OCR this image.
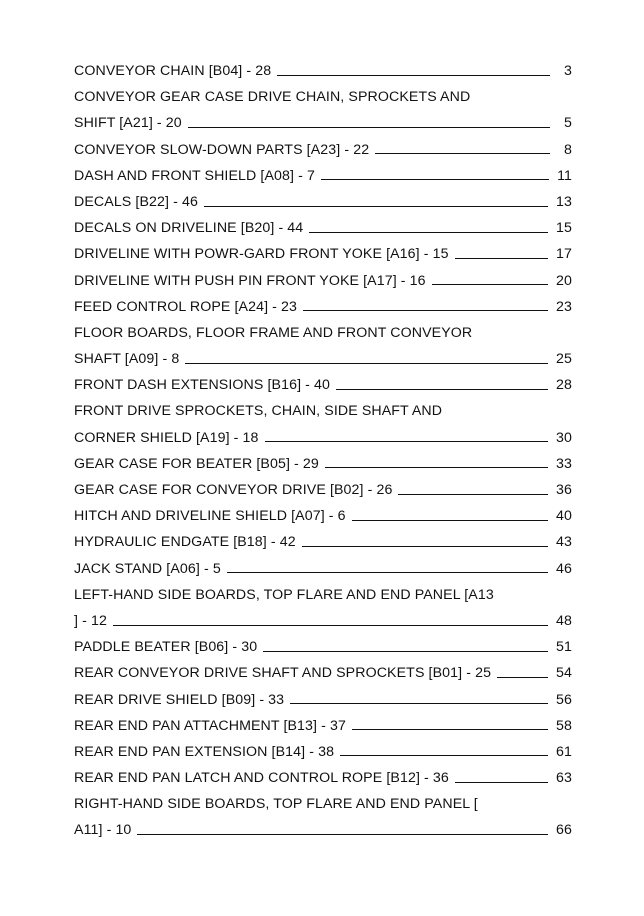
CONVEYOR CHAIN [B04] - 28	3
CONVEYOR GEAR CASE DRIVE CHAIN, SPROCKETS AND
SHIFT [A21] - 20	5
CONVEYOR SLOW-DOWN PARTS [A23] - 22	8
DASH AND FRONT SHIELD [A08] - 7	11
DECALS [B22] - 46	13
DECALS ON DRIVELINE [B20] - 44	15
DRIVELINE WITH POWR-GARD FRONT YOKE [A16] - 15	17
DRIVELINE WITH PUSH PIN FRONT YOKE [A17] - 16	20
FEED CONTROL ROPE [A24] - 23	23
FLOOR BOARDS, FLOOR FRAME AND FRONT CONVEYOR
SHAFT [A09] - 8	25
FRONT DASH EXTENSIONS [B16] - 40	28
FRONT DRIVE SPROCKETS, CHAIN, SIDE SHAFT AND
CORNER SHIELD [A19] - 18	30
GEAR CASE FOR BEATER [B05] - 29	33
GEAR CASE FOR CONVEYOR DRIVE [B02] - 26	36
HITCH AND DRIVELINE SHIELD [A07] - 6	40
HYDRAULIC ENDGATE [B18] - 42	43
JACK STAND [A06] - 5	46
LEFT-HAND SIDE BOARDS, TOP FLARE AND END PANEL [A13
] - 12	48
PADDLE BEATER [B06] - 30	51
REAR CONVEYOR DRIVE SHAFT AND SPROCKETS [B01] - 25	54
REAR DRIVE SHIELD [B09] - 33	56
REAR END PAN ATTACHMENT [B13] - 37	58
REAR END PAN EXTENSION [B14] - 38	61
REAR END PAN LATCH AND CONTROL ROPE [B12] - 36	63
RIGHT-HAND SIDE BOARDS, TOP FLARE AND END PANEL [
A11] - 10	66
